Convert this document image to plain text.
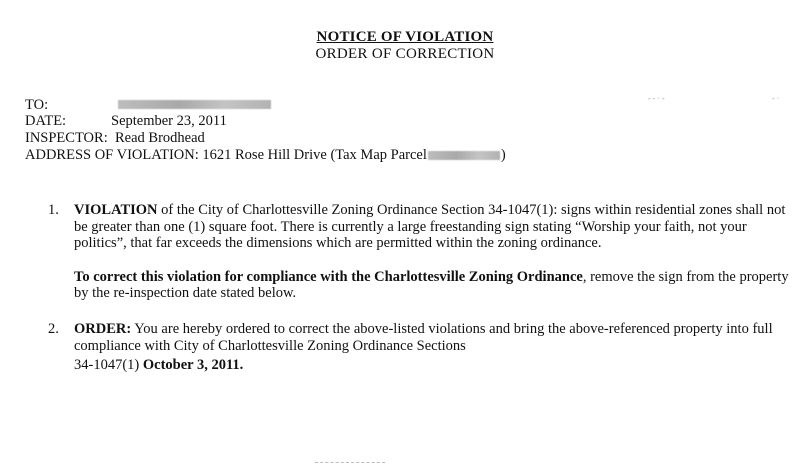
NOTICE OF VIOLATION
ORDER OF CORRECTION
--·-	-·
TO:
DATE:	September 23, 2011
INSPECTOR: Read Brodhead
ADDRESS OF VIOLATION: 1621 Rose Hill Drive (Tax Map Parcel	)
1. VIOLATION of the City of Charlottesville Zoning Ordinance Section 34-1047(1): signs within residential zones shall not be greater than one (1) square foot. There is currently a large freestanding sign stating “Worship your faith, not your politics”, that far exceeds the dimensions which are permitted within the zoning ordinance.

To correct this violation for compliance with the Charlottesville Zoning Ordinance, remove the sign from the property by the re-inspection date stated below.

2. ORDER: You are hereby ordered to correct the above-listed violations and bring the above-referenced property into full compliance with City of Charlottesville Zoning Ordinance Sections

34-1047(1) October 3, 2011.
